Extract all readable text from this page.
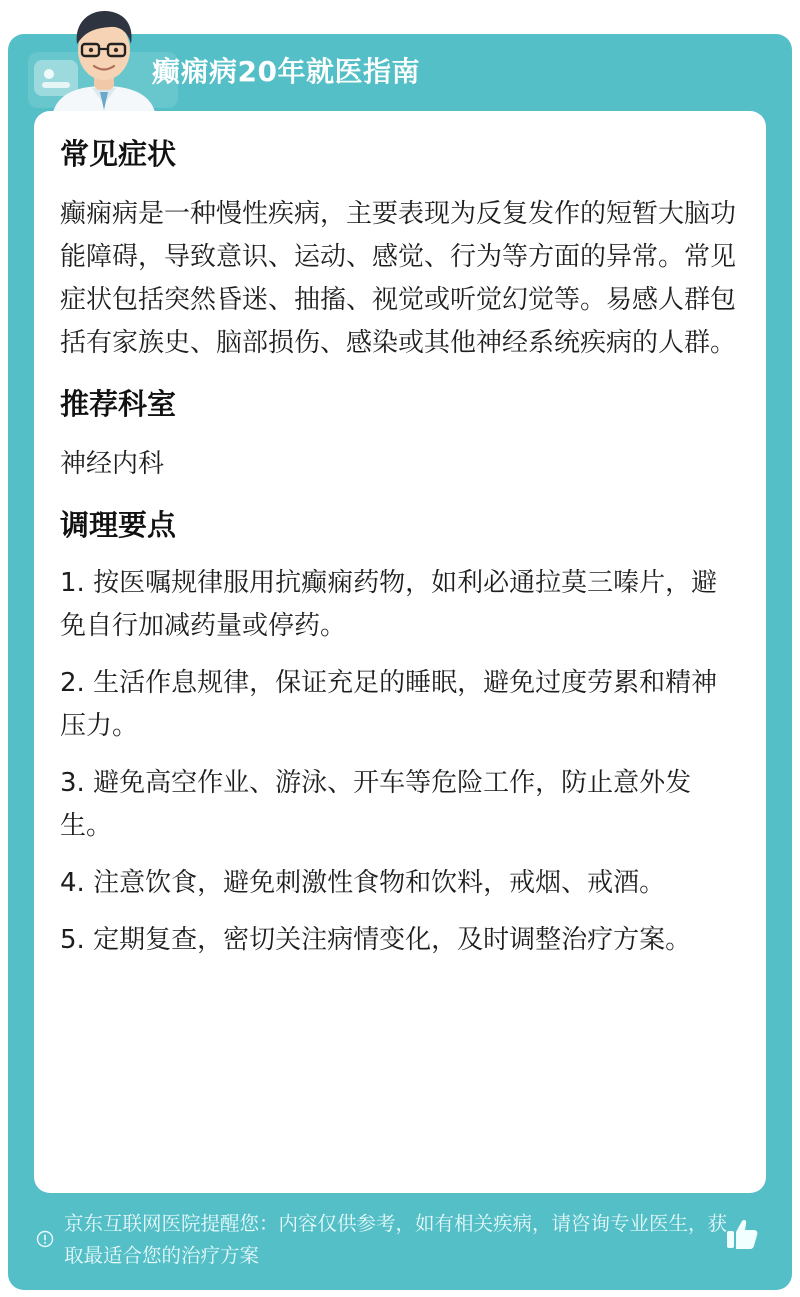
癫痫病20年就医指南
常见症状

癫痫病是一种慢性疾病，主要表现为反复发作的短暂大脑功能障碍，导致意识、运动、感觉、行为等方面的异常。常见症状包括突然昏迷、抽搐、视觉或听觉幻觉等。易感人群包括有家族史、脑部损伤、感染或其他神经系统疾病的人群。

推荐科室

神经内科

调理要点

1. 按医嘱规律服用抗癫痫药物，如利必通拉莫三嗪片，避免自行加减药量或停药。

2. 生活作息规律，保证充足的睡眠，避免过度劳累和精神压力。

3. 避免高空作业、游泳、开车等危险工作，防止意外发生。

4. 注意饮食，避免刺激性食物和饮料，戒烟、戒酒。

5. 定期复查，密切关注病情变化，及时调整治疗方案。

京东互联网医院提醒您：内容仅供参考，如有相关疾病，请咨询专业医生，获取最适合您的治疗方案
